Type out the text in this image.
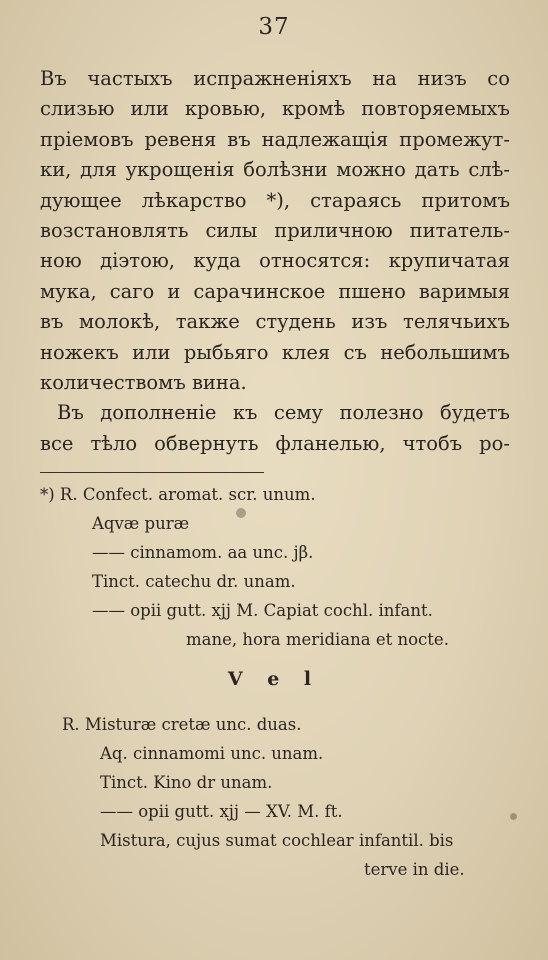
37
Въ частыхъ испражненіяхъ на низъ со
слизью или кровью, кромѣ повторяемыхъ
пріемовъ ревеня въ надлежащія промежут-
ки, для укрощенія болѣзни можно дать слѣ-
дующее лѣкарство *), стараясь притомъ
возстановлять силы приличною питатель-
ною діэтою, куда относятся: крупичатая
мука, саго и сарачинское пшено варимыя
въ молокѣ, также студень изъ телячьихъ
ножекъ или рыбьяго клея съ небольшимъ
количествомъ вина.
Въ дополненіе къ сему полезно будетъ
все тѣло обвернуть фланелью, чтобъ ро-
*) R. Confect. aromat. scr. unum.
Aqvæ puræ
—— cinnamom. aa unc. jβ.
Tinct. catechu dr. unam.
—— opii gutt. xjj M. Capiat cochl. infant.
mane, hora meridiana et nocte.
V e l
R. Misturæ cretæ unc. duas.
Aq. cinnamomi unc. unam.
Tinct. Kino dr unam.
—— opii gutt. xjj — XV. M. ft.
Mistura, cujus sumat cochlear infantil. bis
terve in die.
